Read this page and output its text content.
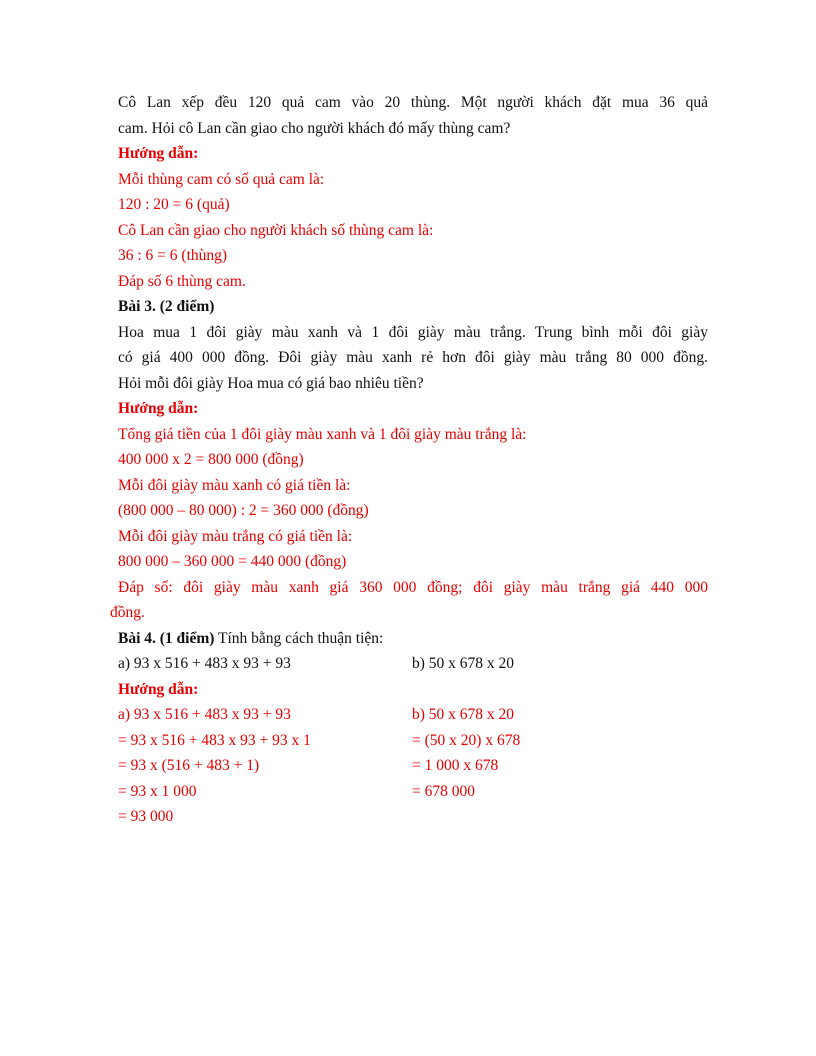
Cô Lan xếp đều 120 quả cam vào 20 thùng. Một người khách đặt mua 36 quả

cam. Hỏi cô Lan cần giao cho người khách đó mấy thùng cam?

Hướng dẫn:

Mỗi thùng cam có số quả cam là:

120 : 20 = 6 (quả)

Cô Lan cần giao cho người khách số thùng cam là:

36 : 6 = 6 (thùng)

Đáp số 6 thùng cam.

Bài 3. (2 điểm)

Hoa mua 1 đôi giày màu xanh và 1 đôi giày màu trắng. Trung bình mỗi đôi giày

có giá 400 000 đồng. Đôi giày màu xanh rẻ hơn đôi giày màu trắng 80 000 đồng.

Hỏi mỗi đôi giày Hoa mua có giá bao nhiêu tiền?

Hướng dẫn:

Tổng giá tiền của 1 đôi giày màu xanh và 1 đôi giày màu trắng là:

400 000 x 2 = 800 000 (đồng)

Mỗi đôi giày màu xanh có giá tiền là:

(800 000 – 80 000) : 2 = 360 000 (đồng)

Mỗi đôi giày màu trắng có giá tiền là:

800 000 – 360 000 = 440 000 (đồng)

Đáp số: đôi giày màu xanh giá 360 000 đồng; đôi giày màu trắng giá 440 000

đồng.

Bài 4. (1 điểm) Tính bằng cách thuận tiện:

a) 93 x 516 + 483 x 93 + 93	b) 50 x 678 x 20

Hướng dẫn:

a) 93 x 516 + 483 x 93 + 93	b) 50 x 678 x 20
= 93 x 516 + 483 x 93 + 93 x 1	= (50 x 20) x 678
= 93 x (516 + 483 + 1)	= 1 000 x 678
= 93 x 1 000	= 678 000
= 93 000
